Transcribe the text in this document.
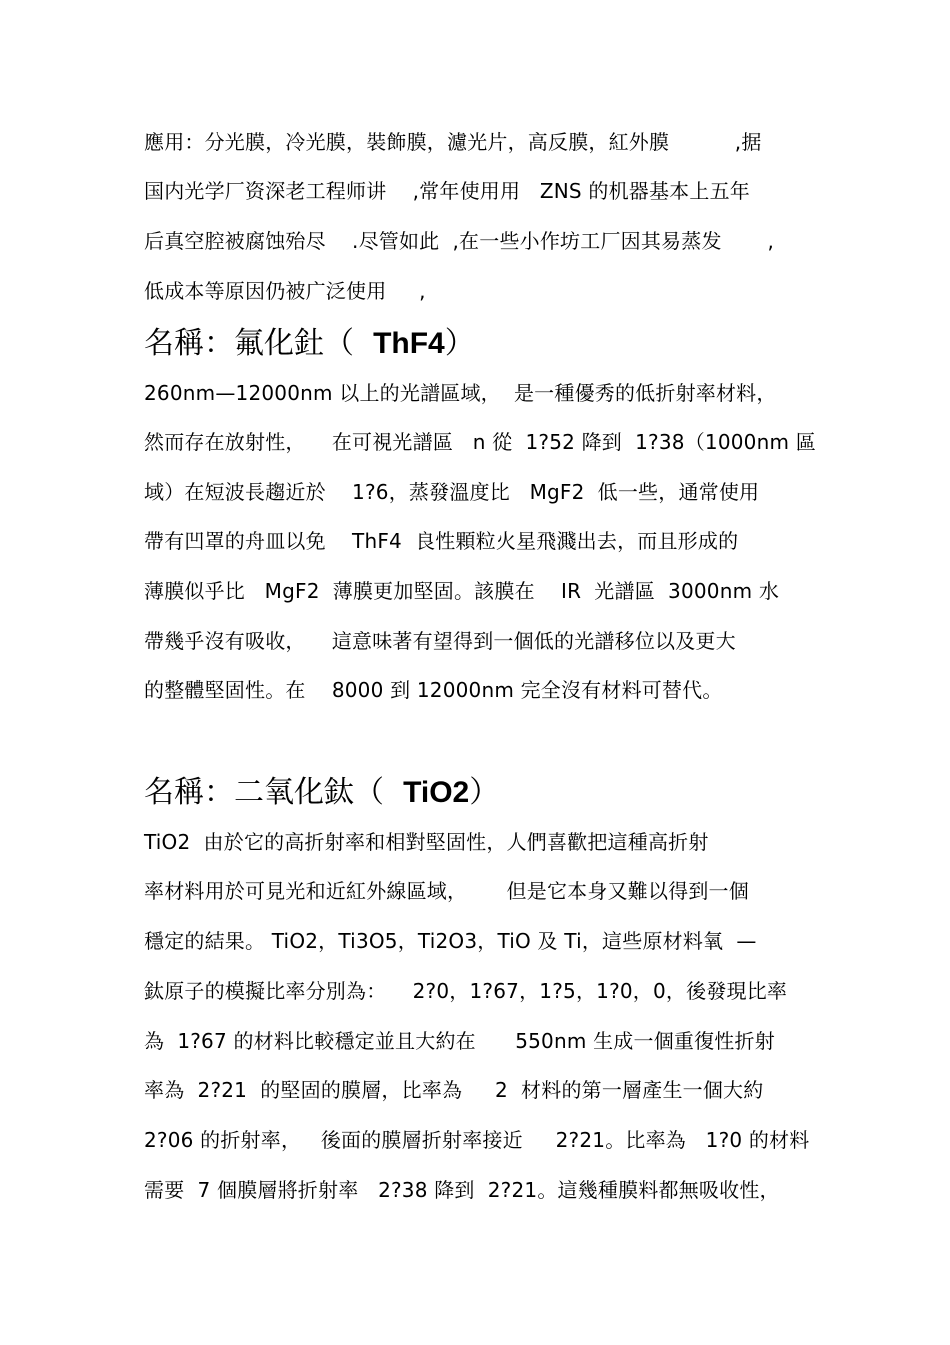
應用：分光膜，冷光膜，裝飾膜，濾光片，高反膜，紅外膜          ,据
国内光学厂资深老工程师讲    ,常年使用用   ZNS 的机器基本上五年
后真空腔被腐蚀殆尽    .尽管如此  ,在一些小作坊工厂因其易蒸发       ,
低成本等原因仍被广泛使用     ,
名稱：氟化釷（  ThF4）
260nm—12000nm 以上的光譜區域，  是一種優秀的低折射率材料，
然而存在放射性，    在可視光譜區   n 從  1?52 降到  1?38（1000nm 區
域）在短波長趨近於    1?6，蒸發溫度比   MgF2  低一些，通常使用
帶有凹罩的舟皿以免    ThF4  良性顆粒火星飛濺出去，而且形成的
薄膜似乎比   MgF2  薄膜更加堅固。該膜在    IR  光譜區  3000nm 水
帶幾乎沒有吸收，    這意味著有望得到一個低的光譜移位以及更大
的整體堅固性。在    8000 到 12000nm 完全沒有材料可替代。
名稱：二氧化鈦（  TiO2）
TiO2  由於它的高折射率和相對堅固性，人們喜歡把這種高折射
率材料用於可見光和近紅外線區域，      但是它本身又難以得到一個
穩定的結果。 TiO2，Ti3O5，Ti2O3，TiO 及 Ti，這些原材料氧  —
鈦原子的模擬比率分別為：    2?0，1?67，1?5，1?0，0，後發現比率
為  1?67 的材料比較穩定並且大約在      550nm 生成一個重復性折射
率為  2?21  的堅固的膜層，比率為     2  材料的第一層產生一個大約
2?06 的折射率，   後面的膜層折射率接近     2?21。比率為   1?0 的材料
需要  7 個膜層將折射率   2?38 降到  2?21。這幾種膜料都無吸收性，
